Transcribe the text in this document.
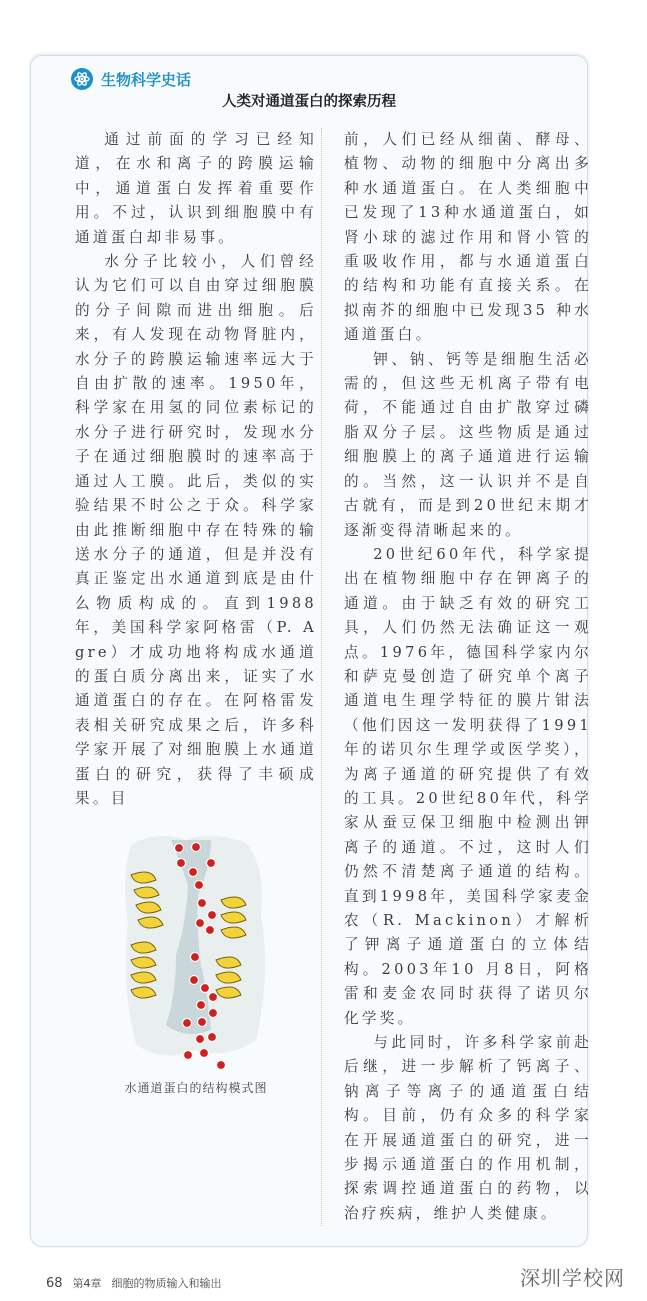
生物科学史话
人类对通道蛋白的探索历程

通过前面的学习已经知道，在水和离子的跨膜运输中，通道蛋白发挥着重要作用。不过，认识到细胞膜中有通道蛋白却非易事。

水分子比较小，人们曾经认为它们可以自由穿过细胞膜的分子间隙而进出细胞。后来，有人发现在动物肾脏内，水分子的跨膜运输速率远大于自由扩散的速率。1950年，科学家在用氢的同位素标记的水分子进行研究时，发现水分子在通过细胞膜时的速率高于通过人工膜。此后，类似的实验结果不时公之于众。科学家由此推断细胞中存在特殊的输送水分子的通道，但是并没有真正鉴定出水通道到底是由什么物质构成的。直到1988 年，美国科学家阿格雷（P. Agre）才成功地将构成水通道的蛋白质分离出来，证实了水通道蛋白的存在。在阿格雷发表相关研究成果之后，许多科学家开展了对细胞膜上水通道蛋白的研究，获得了丰硕成果。目

水通道蛋白的结构模式图

前，人们已经从细菌、酵母、植物、动物的细胞中分离出多种水通道蛋白。在人类细胞中已发现了13种水通道蛋白，如肾小球的滤过作用和肾小管的重吸收作用，都与水通道蛋白的结构和功能有直接关系。在拟南芥的细胞中已发现35 种水通道蛋白。

钾、钠、钙等是细胞生活必需的，但这些无机离子带有电荷，不能通过自由扩散穿过磷脂双分子层。这些物质是通过细胞膜上的离子通道进行运输的。当然，这一认识并不是自古就有，而是到20世纪末期才逐渐变得清晰起来的。

20世纪60年代，科学家提出在植物细胞中存在钾离子的通道。由于缺乏有效的研究工具，人们仍然无法确证这一观点。1976年，德国科学家内尔和萨克曼创造了研究单个离子通道电生理学特征的膜片钳法（他们因这一发明获得了1991 年的诺贝尔生理学或医学奖），为离子通道的研究提供了有效的工具。20世纪80年代，科学家从蚕豆保卫细胞中检测出钾离子的通道。不过，这时人们仍然不清楚离子通道的结构。直到1998年，美国科学家麦金农（R. Mackinon）才解析了钾离子通道蛋白的立体结构。2003年10 月8日，阿格雷和麦金农同时获得了诺贝尔化学奖。

与此同时，许多科学家前赴后继，进一步解析了钙离子、钠离子等离子的通道蛋白结构。目前，仍有众多的科学家在开展通道蛋白的研究，进一步揭示通道蛋白的作用机制，探索调控通道蛋白的药物，以治疗疾病，维护人类健康。

68 第4章 细胞的物质输入和输出	深圳学校网
